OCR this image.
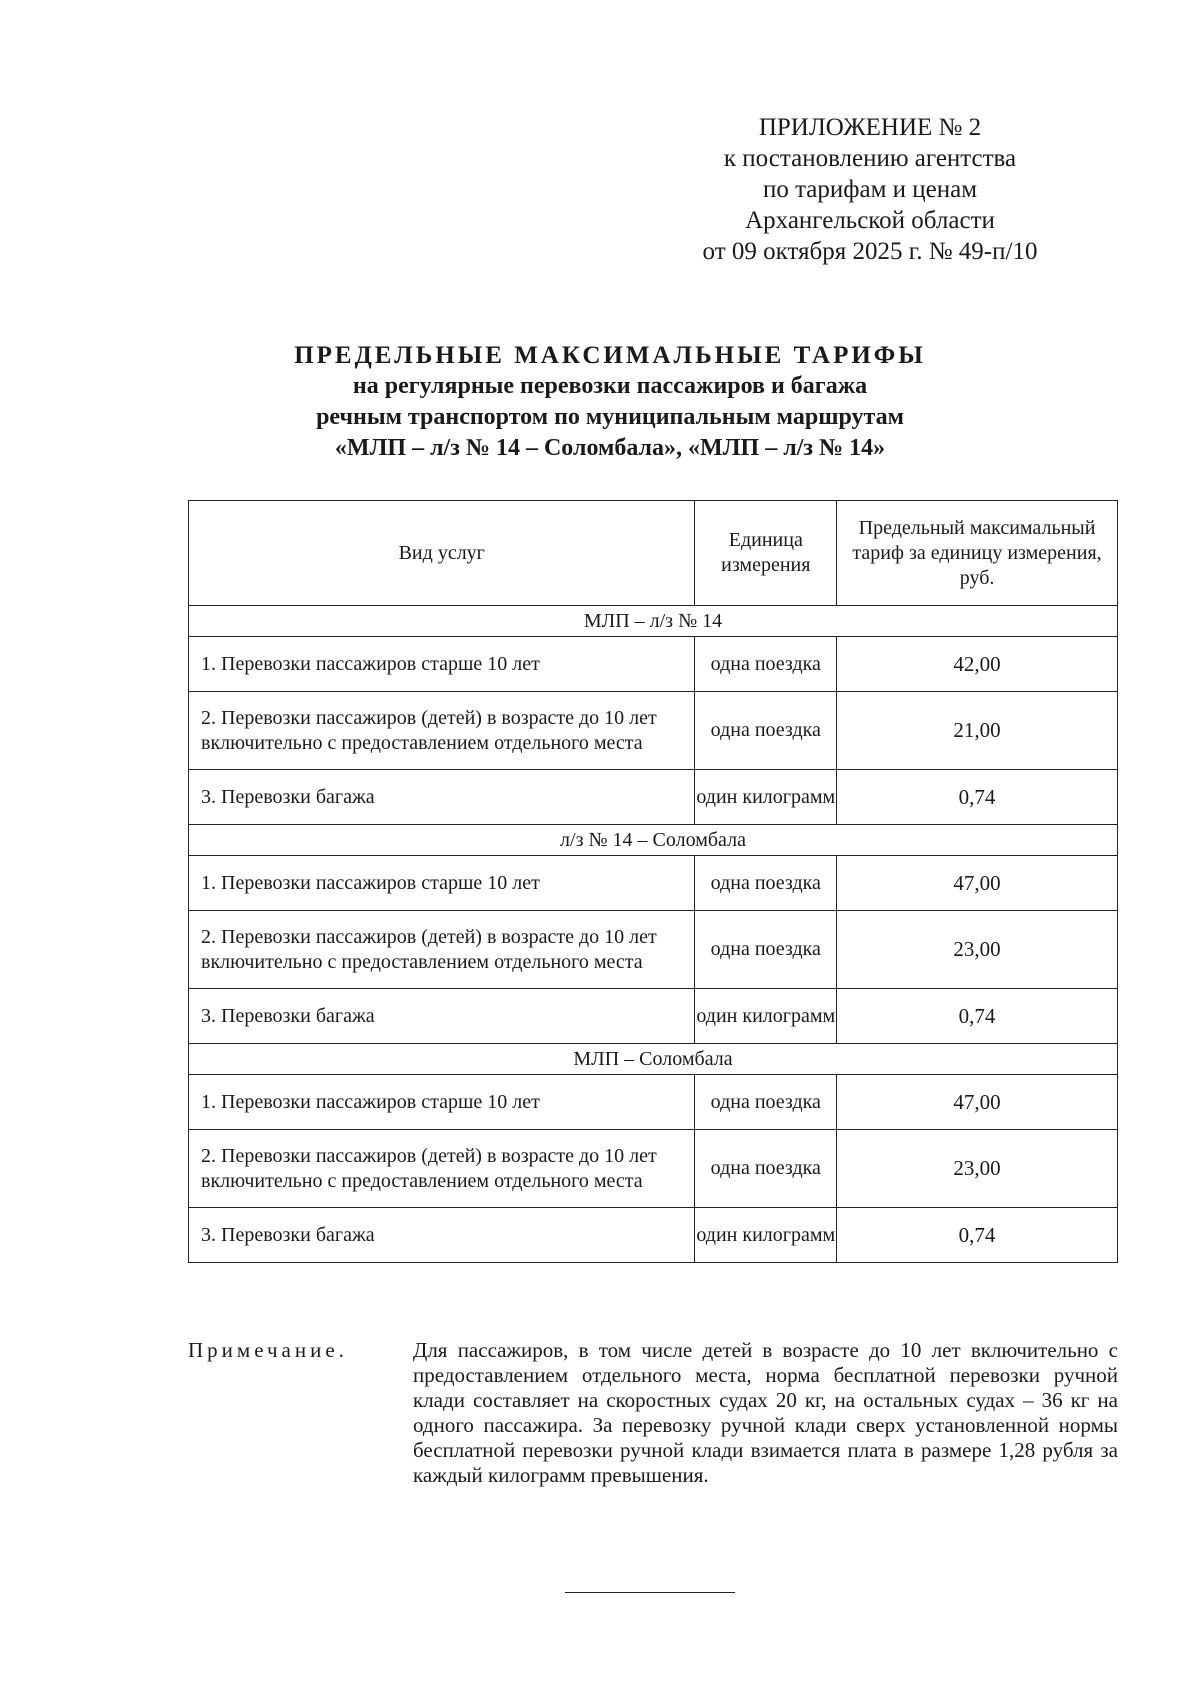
ПРИЛОЖЕНИЕ № 2
к постановлению агентства
по тарифам и ценам
Архангельской области
от 09 октября 2025 г. № 49-п/10
ПРЕДЕЛЬНЫЕ МАКСИМАЛЬНЫЕ ТАРИФЫ
на регулярные перевозки пассажиров и багажа
речным транспортом по муниципальным маршрутам
«МЛП – л/з № 14 – Соломбала», «МЛП – л/з № 14»
Вид услуг	Единица измерения	Предельный максимальный тариф за единицу измерения, руб.
МЛП – л/з № 14		
1. Перевозки пассажиров старше 10 лет	одна поездка	42,00
2. Перевозки пассажиров (детей) в возрасте до 10 лет включительно с предоставлением отдельного места	одна поездка	21,00
3. Перевозки багажа	один килограмм	0,74
л/з № 14 – Соломбала		
1. Перевозки пассажиров старше 10 лет	одна поездка	47,00
2. Перевозки пассажиров (детей) в возрасте до 10 лет включительно с предоставлением отдельного места	одна поездка	23,00
3. Перевозки багажа	один килограмм	0,74
МЛП – Соломбала		
1. Перевозки пассажиров старше 10 лет	одна поездка	47,00
2. Перевозки пассажиров (детей) в возрасте до 10 лет включительно с предоставлением отдельного места	одна поездка	23,00
3. Перевозки багажа	один килограмм	0,74
Примечание.	Для пассажиров, в том числе детей в возрасте до 10 лет включительно с предоставлением отдельного места, норма бесплатной перевозки ручной клади составляет на скоростных судах 20 кг, на остальных судах – 36 кг на одного пассажира. За перевозку ручной клади сверх установленной нормы бесплатной перевозки ручной клади взимается плата в размере 1,28 рубля за каждый килограмм превышения.
